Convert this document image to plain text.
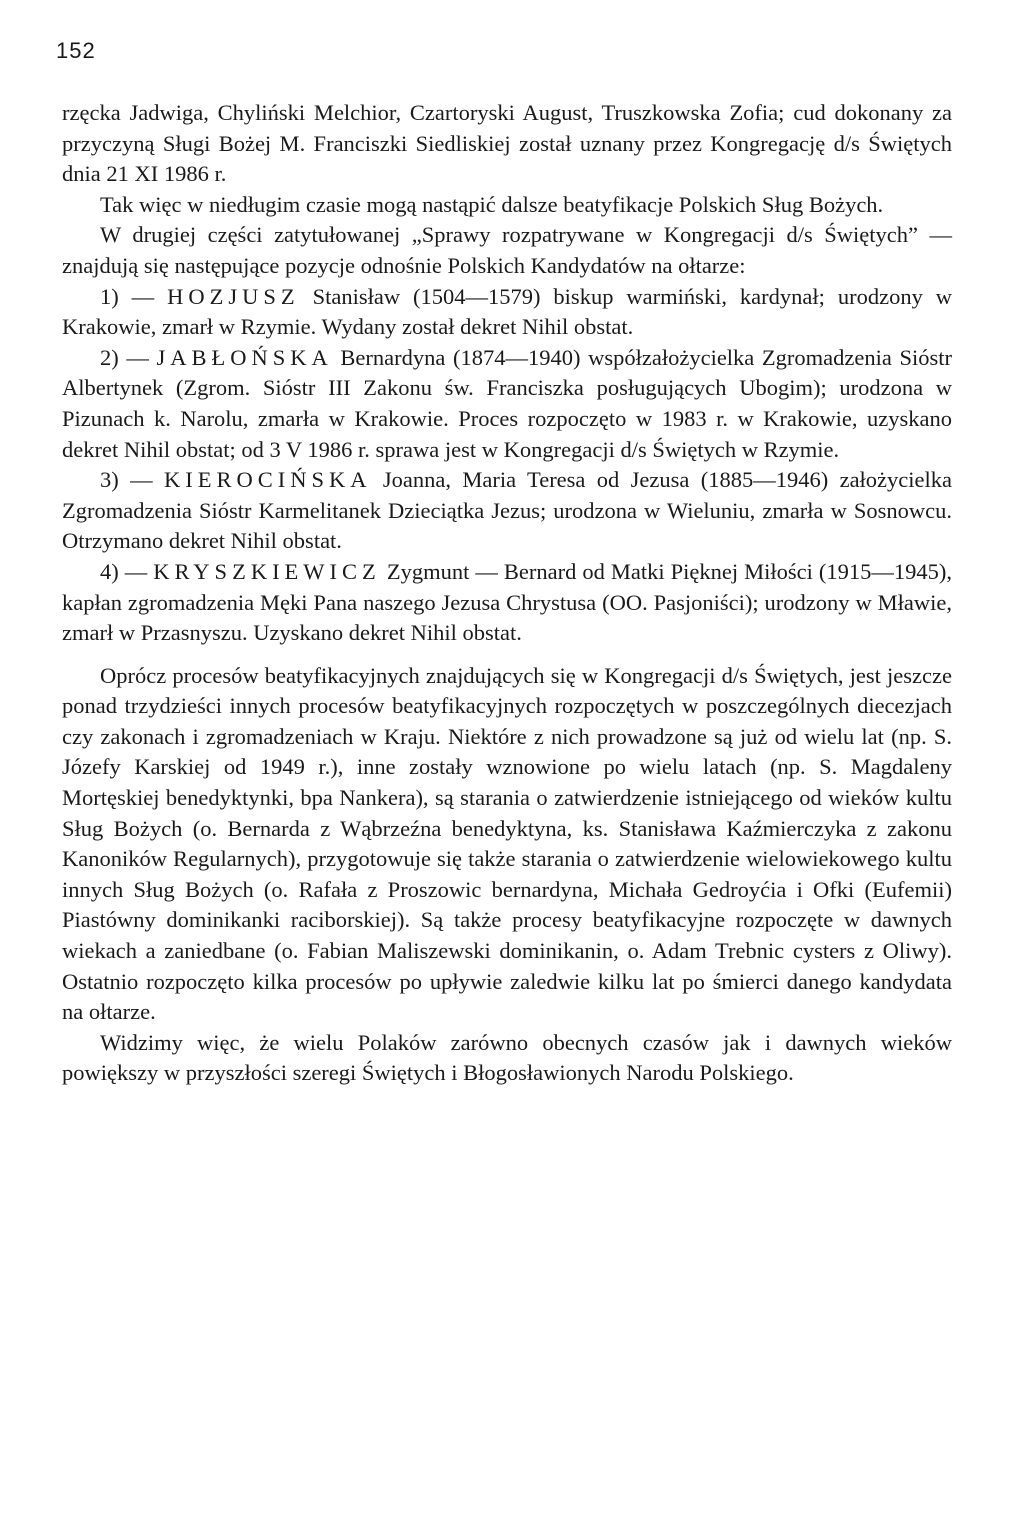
152

rzęcka Jadwiga, Chyliński Melchior, Czartoryski August, Truszkowska Zofia; cud dokonany za przyczyną Sługi Bożej M. Franciszki Siedliskiej został uznany przez Kongregację d/s Świętych dnia 21 XI 1986 r.

Tak więc w niedługim czasie mogą nastąpić dalsze beatyfikacje Polskich Sług Bożych.

W drugiej części zatytułowanej „Sprawy rozpatrywane w Kongregacji d/s Świętych” — znajdują się następujące pozycje odnośnie Polskich Kandydatów na ołtarze:

1) — HOZJUSZ Stanisław (1504—1579) biskup warmiński, kardynał; urodzony w Krakowie, zmarł w Rzymie. Wydany został dekret Nihil obstat.

2) — JABŁOŃSKA Bernardyna (1874—1940) współzałożycielka Zgromadzenia Sióstr Albertynek (Zgrom. Sióstr III Zakonu św. Franciszka posługujących Ubogim); urodzona w Pizunach k. Narolu, zmarła w Krakowie. Proces rozpoczęto w 1983 r. w Krakowie, uzyskano dekret Nihil obstat; od 3 V 1986 r. sprawa jest w Kongregacji d/s Świętych w Rzymie.

3) — KIEROCIŃSKA Joanna, Maria Teresa od Jezusa (1885—1946) założycielka Zgromadzenia Sióstr Karmelitanek Dzieciątka Jezus; urodzona w Wieluniu, zmarła w Sosnowcu. Otrzymano dekret Nihil obstat.

4) — KRYSZKIEWICZ Zygmunt — Bernard od Matki Pięknej Miłości (1915—1945), kapłan zgromadzenia Męki Pana naszego Jezusa Chrystusa (OO. Pasjoniści); urodzony w Mławie, zmarł w Przasnyszu. Uzyskano dekret Nihil obstat.

Oprócz procesów beatyfikacyjnych znajdujących się w Kongregacji d/s Świętych, jest jeszcze ponad trzydzieści innych procesów beatyfikacyjnych rozpoczętych w poszczególnych diecezjach czy zakonach i zgromadzeniach w Kraju. Niektóre z nich prowadzone są już od wielu lat (np. S. Józefy Karskiej od 1949 r.), inne zostały wznowione po wielu latach (np. S. Magdaleny Mortęskiej benedyktynki, bpa Nankera), są starania o zatwierdzenie istniejącego od wieków kultu Sług Bożych (o. Bernarda z Wąbrzeźna benedyktyna, ks. Stanisława Kaźmierczyka z zakonu Kanoników Regularnych), przygotowuje się także starania o zatwierdzenie wielowiekowego kultu innych Sług Bożych (o. Rafała z Proszowic bernardyna, Michała Gedroyćia i Ofki (Eufemii) Piastówny dominikanki raciborskiej). Są także procesy beatyfikacyjne rozpoczęte w dawnych wiekach a zaniedbane (o. Fabian Maliszewski dominikanin, o. Adam Trebnic cysters z Oliwy). Ostatnio rozpoczęto kilka procesów po upływie zaledwie kilku lat po śmierci danego kandydata na ołtarze.

Widzimy więc, że wielu Polaków zarówno obecnych czasów jak i dawnych wieków powiększy w przyszłości szeregi Świętych i Błogosławionych Narodu Polskiego.
